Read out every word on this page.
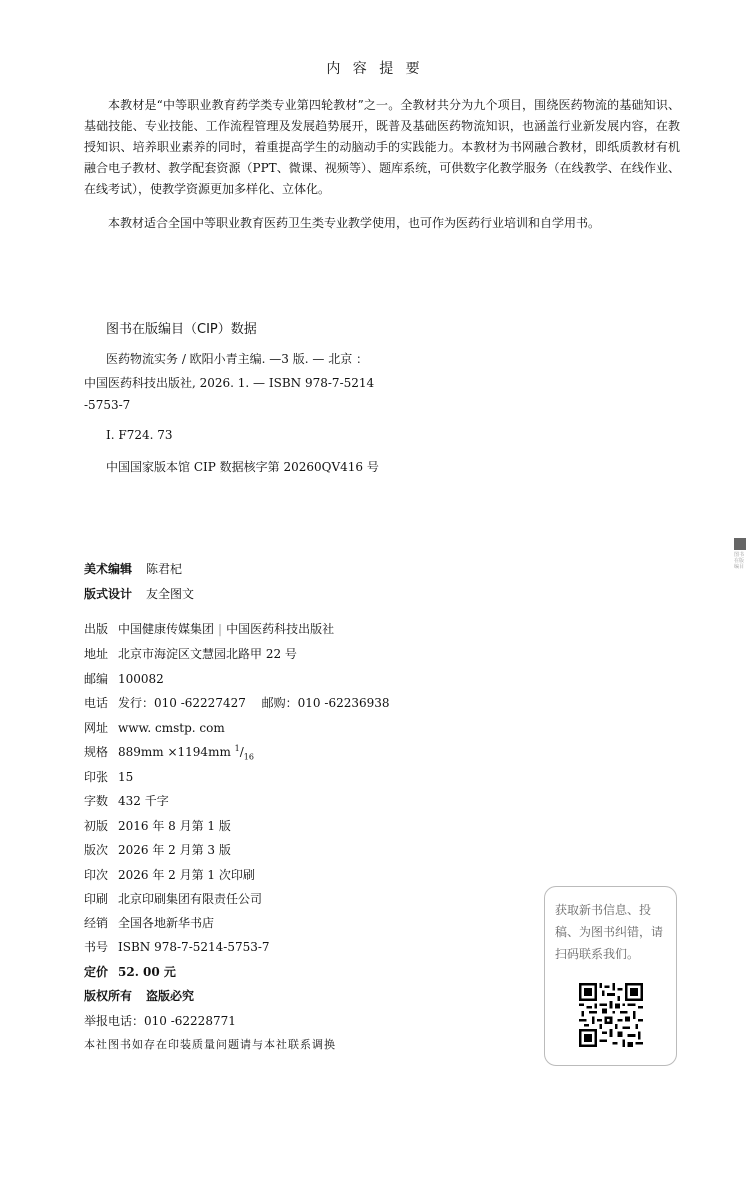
内 容 提 要
本教材是“中等职业教育药学类专业第四轮教材”之一。全教材共分为九个项目，围绕医药物流的基础知识、基础技能、专业技能、工作流程管理及发展趋势展开，既普及基础医药物流知识，也涵盖行业新发展内容，在教授知识、培养职业素养的同时，着重提高学生的动脑动手的实践能力。本教材为书网融合教材，即纸质教材有机融合电子教材、教学配套资源（PPT、微课、视频等）、题库系统，可供数字化教学服务（在线教学、在线作业、在线考试），使教学资源更加多样化、立体化。
本教材适合全国中等职业教育医药卫生类专业教学使用，也可作为医药行业培训和自学用书。
图书在版编目（CIP）数据
医药物流实务 / 欧阳小青主编. —3 版. — 北京 ：
中国医药科技出版社, 2026. 1. — ISBN 978-7-5214
-5753-7
Ⅰ. F724. 73
中国国家版本馆 CIP 数据核字第 20260QV416 号
图书在版编目
美术编辑 陈君杞
版式设计 友全图文
出版 中国健康传媒集团 | 中国医药科技出版社
地址 北京市海淀区文慧园北路甲 22 号
邮编 100082
电话 发行：010 -62227427　 邮购：010 -62236938
网址 www. cmstp. com
规格 889mm ×1194mm $^1/_{16}$
印张 15
字数 432 千字
初版 2016 年 8 月第 1 版
版次 2026 年 2 月第 3 版
印次 2026 年 2 月第 1 次印刷
印刷 北京印刷集团有限责任公司
经销 全国各地新华书店
书号 ISBN 978-7-5214-5753-7
定价 52. 00 元
版权所有 盗版必究
举报电话：010 -62228771
本社图书如存在印装质量问题请与本社联系调换
获取新书信息、投稿、为图书纠错，请扫码联系我们。
